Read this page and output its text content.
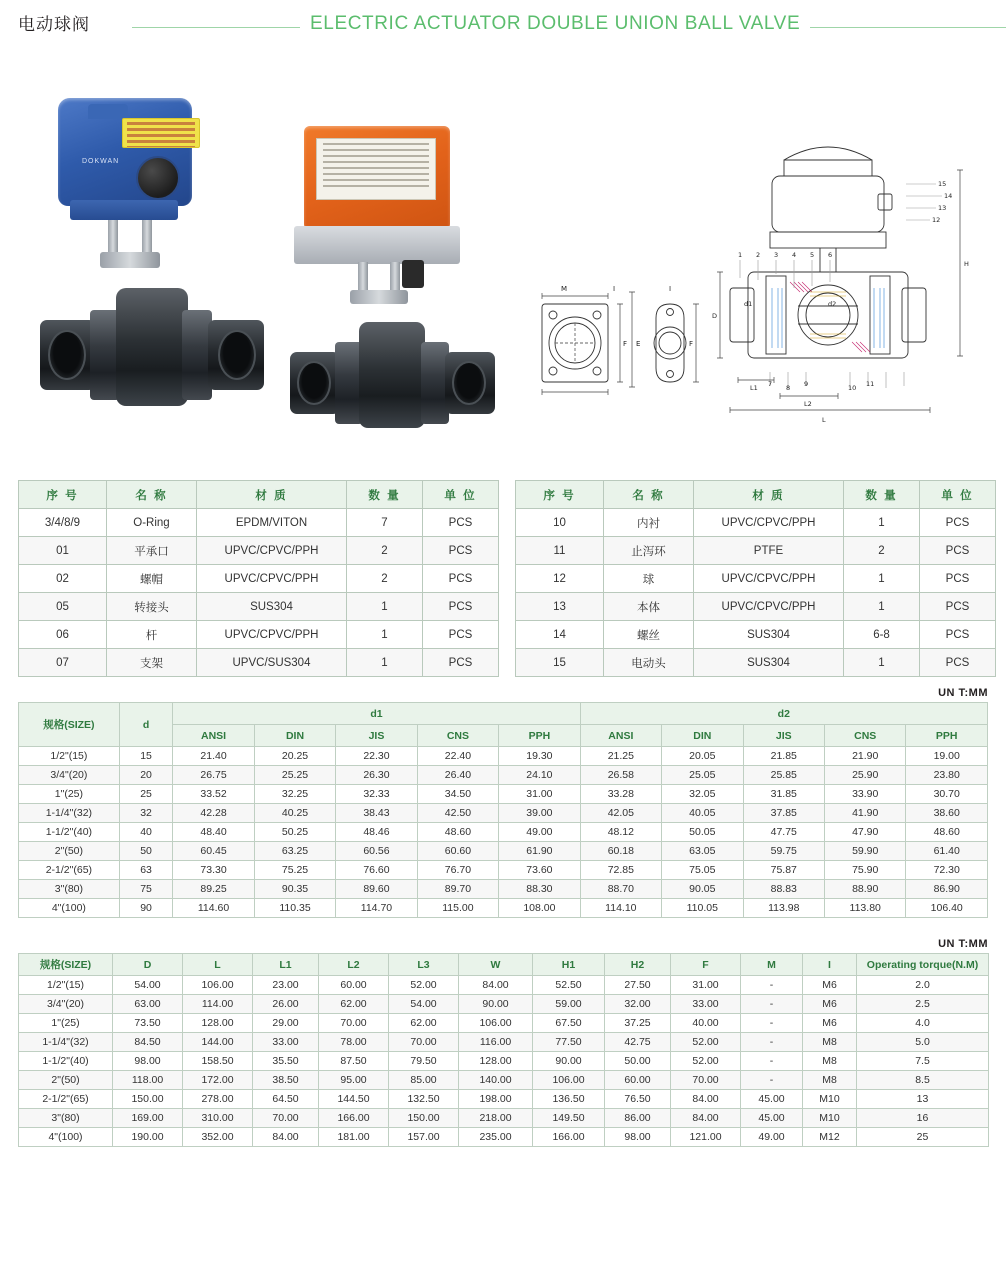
电动球阀	ELECTRIC ACTUATOR DOUBLE UNION BALL VALVE
DOKWAN
M	I
F E
I
F
H
D
d1	d2
L1
L2
L
1 2 3 4 5 6
15
14
13
12
7 8 9	10 11
序 号	名 称	材 质	数 量	单 位
3/4/8/9	O-Ring	EPDM/VITON	7	PCS
01	平承口	UPVC/CPVC/PPH	2	PCS
02	螺帽	UPVC/CPVC/PPH	2	PCS
05	转接头	SUS304	1	PCS
06	杆	UPVC/CPVC/PPH	1	PCS
07	支架	UPVC/SUS304	1	PCS
序 号	名 称	材 质	数 量	单 位
10	内衬	UPVC/CPVC/PPH	1	PCS
11	止泻环	PTFE	2	PCS
12	球	UPVC/CPVC/PPH	1	PCS
13	本体	UPVC/CPVC/PPH	1	PCS
14	螺丝	SUS304	6-8	PCS
15	电动头	SUS304	1	PCS
UN T:MM
规格(SIZE)	d	d1					d2				
		ANSI	DIN	JIS	CNS	PPH	ANSI	DIN	JIS	CNS	PPH
1/2"(15)	15	21.40	20.25	22.30	22.40	19.30	21.25	20.05	21.85	21.90	19.00
3/4"(20)	20	26.75	25.25	26.30	26.40	24.10	26.58	25.05	25.85	25.90	23.80
1"(25)	25	33.52	32.25	32.33	34.50	31.00	33.28	32.05	31.85	33.90	30.70
1-1/4"(32)	32	42.28	40.25	38.43	42.50	39.00	42.05	40.05	37.85	41.90	38.60
1-1/2"(40)	40	48.40	50.25	48.46	48.60	49.00	48.12	50.05	47.75	47.90	48.60
2"(50)	50	60.45	63.25	60.56	60.60	61.90	60.18	63.05	59.75	59.90	61.40
2-1/2"(65)	63	73.30	75.25	76.60	76.70	73.60	72.85	75.05	75.87	75.90	72.30
3"(80)	75	89.25	90.35	89.60	89.70	88.30	88.70	90.05	88.83	88.90	86.90
4"(100)	90	114.60	110.35	114.70	115.00	108.00	114.10	110.05	113.98	113.80	106.40
UN T:MM
规格(SIZE)	D	L	L1	L2	L3	W	H1	H2	F	M	I	Operating torque(N.M)
1/2"(15)	54.00	106.00	23.00	60.00	52.00	84.00	52.50	27.50	31.00	-	M6	2.0
3/4"(20)	63.00	114.00	26.00	62.00	54.00	90.00	59.00	32.00	33.00	-	M6	2.5
1"(25)	73.50	128.00	29.00	70.00	62.00	106.00	67.50	37.25	40.00	-	M6	4.0
1-1/4"(32)	84.50	144.00	33.00	78.00	70.00	116.00	77.50	42.75	52.00	-	M8	5.0
1-1/2"(40)	98.00	158.50	35.50	87.50	79.50	128.00	90.00	50.00	52.00	-	M8	7.5
2"(50)	118.00	172.00	38.50	95.00	85.00	140.00	106.00	60.00	70.00	-	M8	8.5
2-1/2"(65)	150.00	278.00	64.50	144.50	132.50	198.00	136.50	76.50	84.00	45.00	M10	13
3"(80)	169.00	310.00	70.00	166.00	150.00	218.00	149.50	86.00	84.00	45.00	M10	16
4"(100)	190.00	352.00	84.00	181.00	157.00	235.00	166.00	98.00	121.00	49.00	M12	25
